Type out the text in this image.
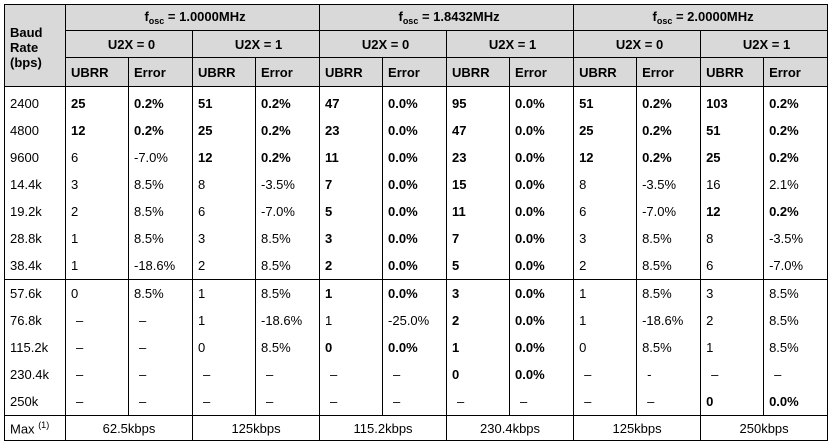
Baud
Rate
(bps)	$f_{osc} = 1.0000MHz$				$f_{osc} = 1.8432MHz$				$f_{osc} = 2.0000MHz$			
	U2X = 0		U2X = 1		U2X = 0		U2X = 1		U2X = 0		U2X = 1	
	UBRR	Error	UBRR	Error	UBRR	Error	UBRR	Error	UBRR	Error	UBRR	Error
2400	25	0.2%	51	0.2%	47	0.0%	95	0.0%	51	0.2%	103	0.2%
4800	12	0.2%	25	0.2%	23	0.0%	47	0.0%	25	0.2%	51	0.2%
9600	6	-7.0%	12	0.2%	11	0.0%	23	0.0%	12	0.2%	25	0.2%
14.4k	3	8.5%	8	-3.5%	7	0.0%	15	0.0%	8	-3.5%	16	2.1%
19.2k	2	8.5%	6	-7.0%	5	0.0%	11	0.0%	6	-7.0%	12	0.2%
28.8k	1	8.5%	3	8.5%	3	0.0%	7	0.0%	3	8.5%	8	-3.5%
38.4k	1	-18.6%	2	8.5%	2	0.0%	5	0.0%	2	8.5%	6	-7.0%
57.6k	0	8.5%	1	8.5%	1	0.0%	3	0.0%	1	8.5%	3	8.5%
76.8k	–	–	1	-18.6%	1	-25.0%	2	0.0%	1	-18.6%	2	8.5%
115.2k	–	–	0	8.5%	0	0.0%	1	0.0%	0	8.5%	1	8.5%
230.4k	–	–	–	–	–	–	0	0.0%	–	-	–	–
250k	–	–	–	–	–	–	–	–	–	–	0	0.0%
Max $^{(1)}$	62.5kbps		125kbps		115.2kbps		230.4kbps		125kbps		250kbps	
